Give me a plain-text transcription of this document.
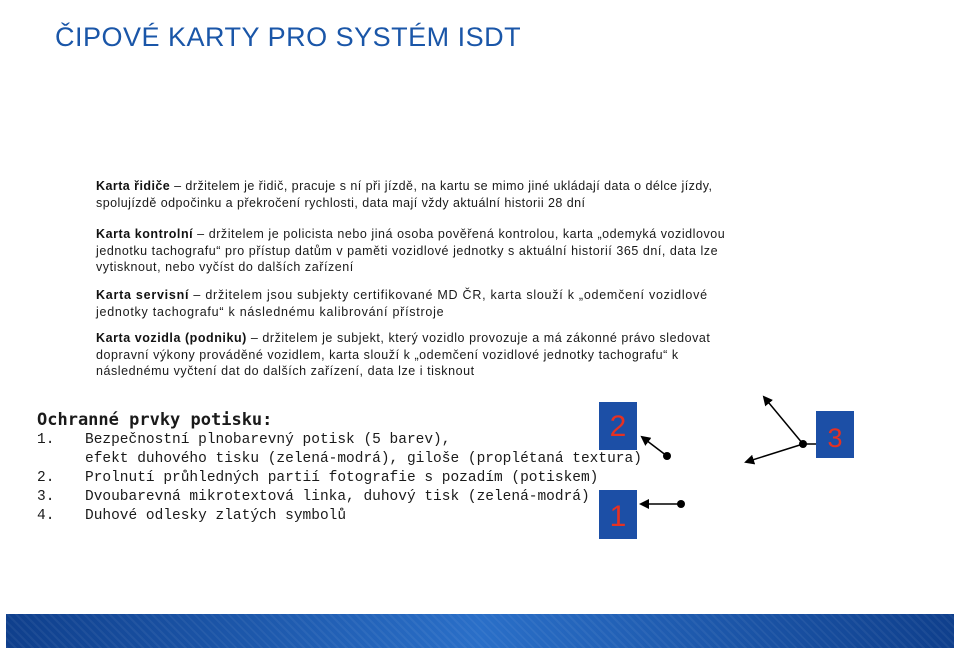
ČIPOVÉ KARTY PRO SYSTÉM ISDT

Karta řidiče – držitelem je řidič, pracuje s ní při jízdě, na kartu se mimo jiné ukládají data o délce jízdy, spolujízdě odpočinku a překročení rychlosti, data mají vždy aktuální historii 28 dní

Karta kontrolní – držitelem je policista nebo jiná osoba pověřená kontrolou, karta „odemyká vozidlovou jednotku tachografu“ pro přístup datům v paměti vozidlové jednotky s aktuální historií 365 dní, data lze vytisknout, nebo vyčíst do dalších zařízení

Karta servisní – držitelem jsou subjekty certifikované MD ČR, karta slouží k „odemčení vozidlové jednotky tachografu“ k následnému kalibrování přístroje

Karta vozidla (podniku) – držitelem je subjekt, který vozidlo provozuje a má zákonné právo sledovat dopravní výkony prováděné vozidlem, karta slouží k „odemčení vozidlové jednotky tachografu“ k následnému vyčtení dat do dalších zařízení, data lze i tisknout

Ochranné prvky potisku:
1. Bezpečnostní plnobarevný potisk (5 barev),
efekt duhového tisku (zelená-modrá), giloše (proplétaná textura)
2. Prolnutí průhledných partií fotografie s pozadím (potiskem)
3. Dvoubarevná mikrotextová linka, duhový tisk (zelená-modrá)
4. Duhové odlesky zlatých symbolů
2
1
3
